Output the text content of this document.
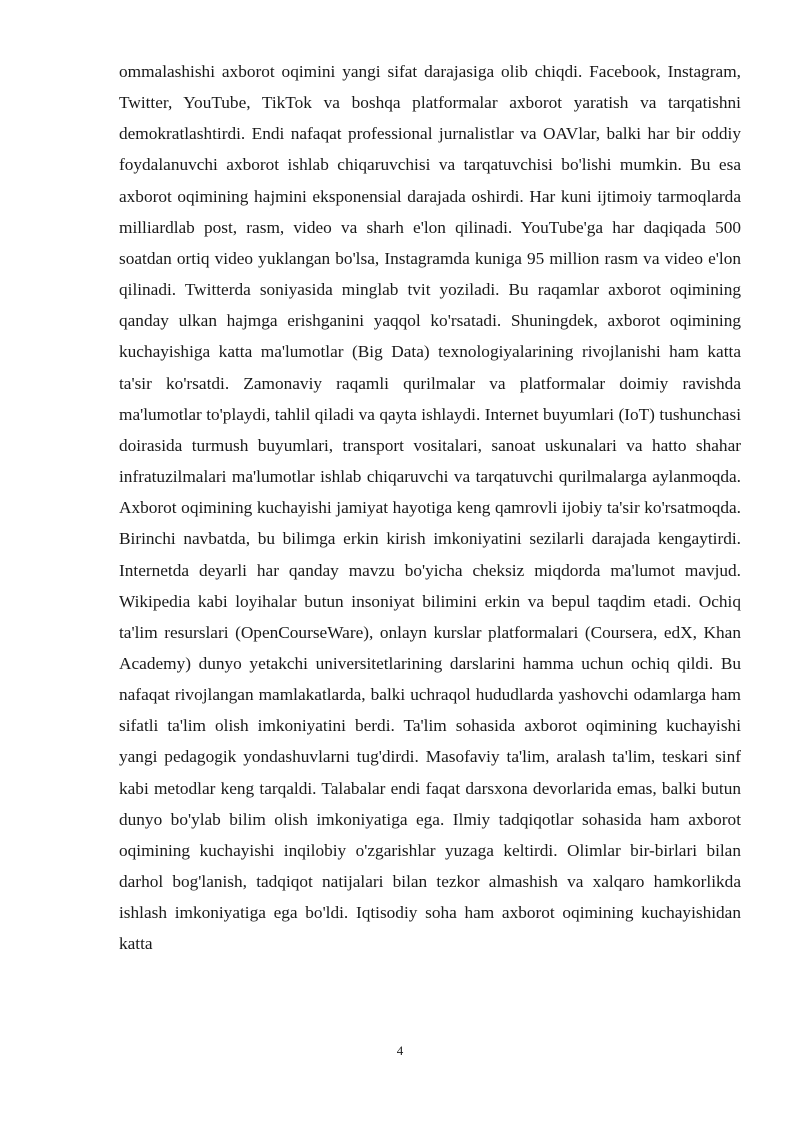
ommalashishi axborot oqimini yangi sifat darajasiga olib chiqdi. Facebook, Instagram, Twitter, YouTube, TikTok va boshqa platformalar axborot yaratish va tarqatishni demokratlashtirdi. Endi nafaqat professional jurnalistlar va OAVlar, balki har bir oddiy foydalanuvchi axborot ishlab chiqaruvchisi va tarqatuvchisi bo'lishi mumkin. Bu esa axborot oqimining hajmini eksponensial darajada oshirdi. Har kuni ijtimoiy tarmoqlarda milliardlab post, rasm, video va sharh e'lon qilinadi. YouTube'ga har daqiqada 500 soatdan ortiq video yuklangan bo'lsa, Instagramda kuniga 95 million rasm va video e'lon qilinadi. Twitterda soniyasida minglab tvit yoziladi. Bu raqamlar axborot oqimining qanday ulkan hajmga erishganini yaqqol ko'rsatadi. Shuningdek, axborot oqimining kuchayishiga katta ma'lumotlar (Big Data) texnologiyalarining rivojlanishi ham katta ta'sir ko'rsatdi. Zamonaviy raqamli qurilmalar va platformalar doimiy ravishda ma'lumotlar to'playdi, tahlil qiladi va qayta ishlaydi. Internet buyumlari (IoT) tushunchasi doirasida turmush buyumlari, transport vositalari, sanoat uskunalari va hatto shahar infratuzilmalari ma'lumotlar ishlab chiqaruvchi va tarqatuvchi qurilmalarga aylanmoqda. Axborot oqimining kuchayishi jamiyat hayotiga keng qamrovli ijobiy ta'sir ko'rsatmoqda. Birinchi navbatda, bu bilimga erkin kirish imkoniyatini sezilarli darajada kengaytirdi. Internetda deyarli har qanday mavzu bo'yicha cheksiz miqdorda ma'lumot mavjud. Wikipedia kabi loyihalar butun insoniyat bilimini erkin va bepul taqdim etadi. Ochiq ta'lim resurslari (OpenCourseWare), onlayn kurslar platformalari (Coursera, edX, Khan Academy) dunyo yetakchi universitetlarining darslarini hamma uchun ochiq qildi. Bu nafaqat rivojlangan mamlakatlarda, balki uchraqol hududlarda yashovchi odamlarga ham sifatli ta'lim olish imkoniyatini berdi. Ta'lim sohasida axborot oqimining kuchayishi yangi pedagogik yondashuvlarni tug'dirdi. Masofaviy ta'lim, aralash ta'lim, teskari sinf kabi metodlar keng tarqaldi. Talabalar endi faqat darsxona devorlarida emas, balki butun dunyo bo'ylab bilim olish imkoniyatiga ega. Ilmiy tadqiqotlar sohasida ham axborot oqimining kuchayishi inqilobiy o'zgarishlar yuzaga keltirdi. Olimlar bir-birlari bilan darhol bog'lanish, tadqiqot natijalari bilan tezkor almashish va xalqaro hamkorlikda ishlash imkoniyatiga ega bo'ldi. Iqtisodiy soha ham axborot oqimining kuchayishidan katta

4
